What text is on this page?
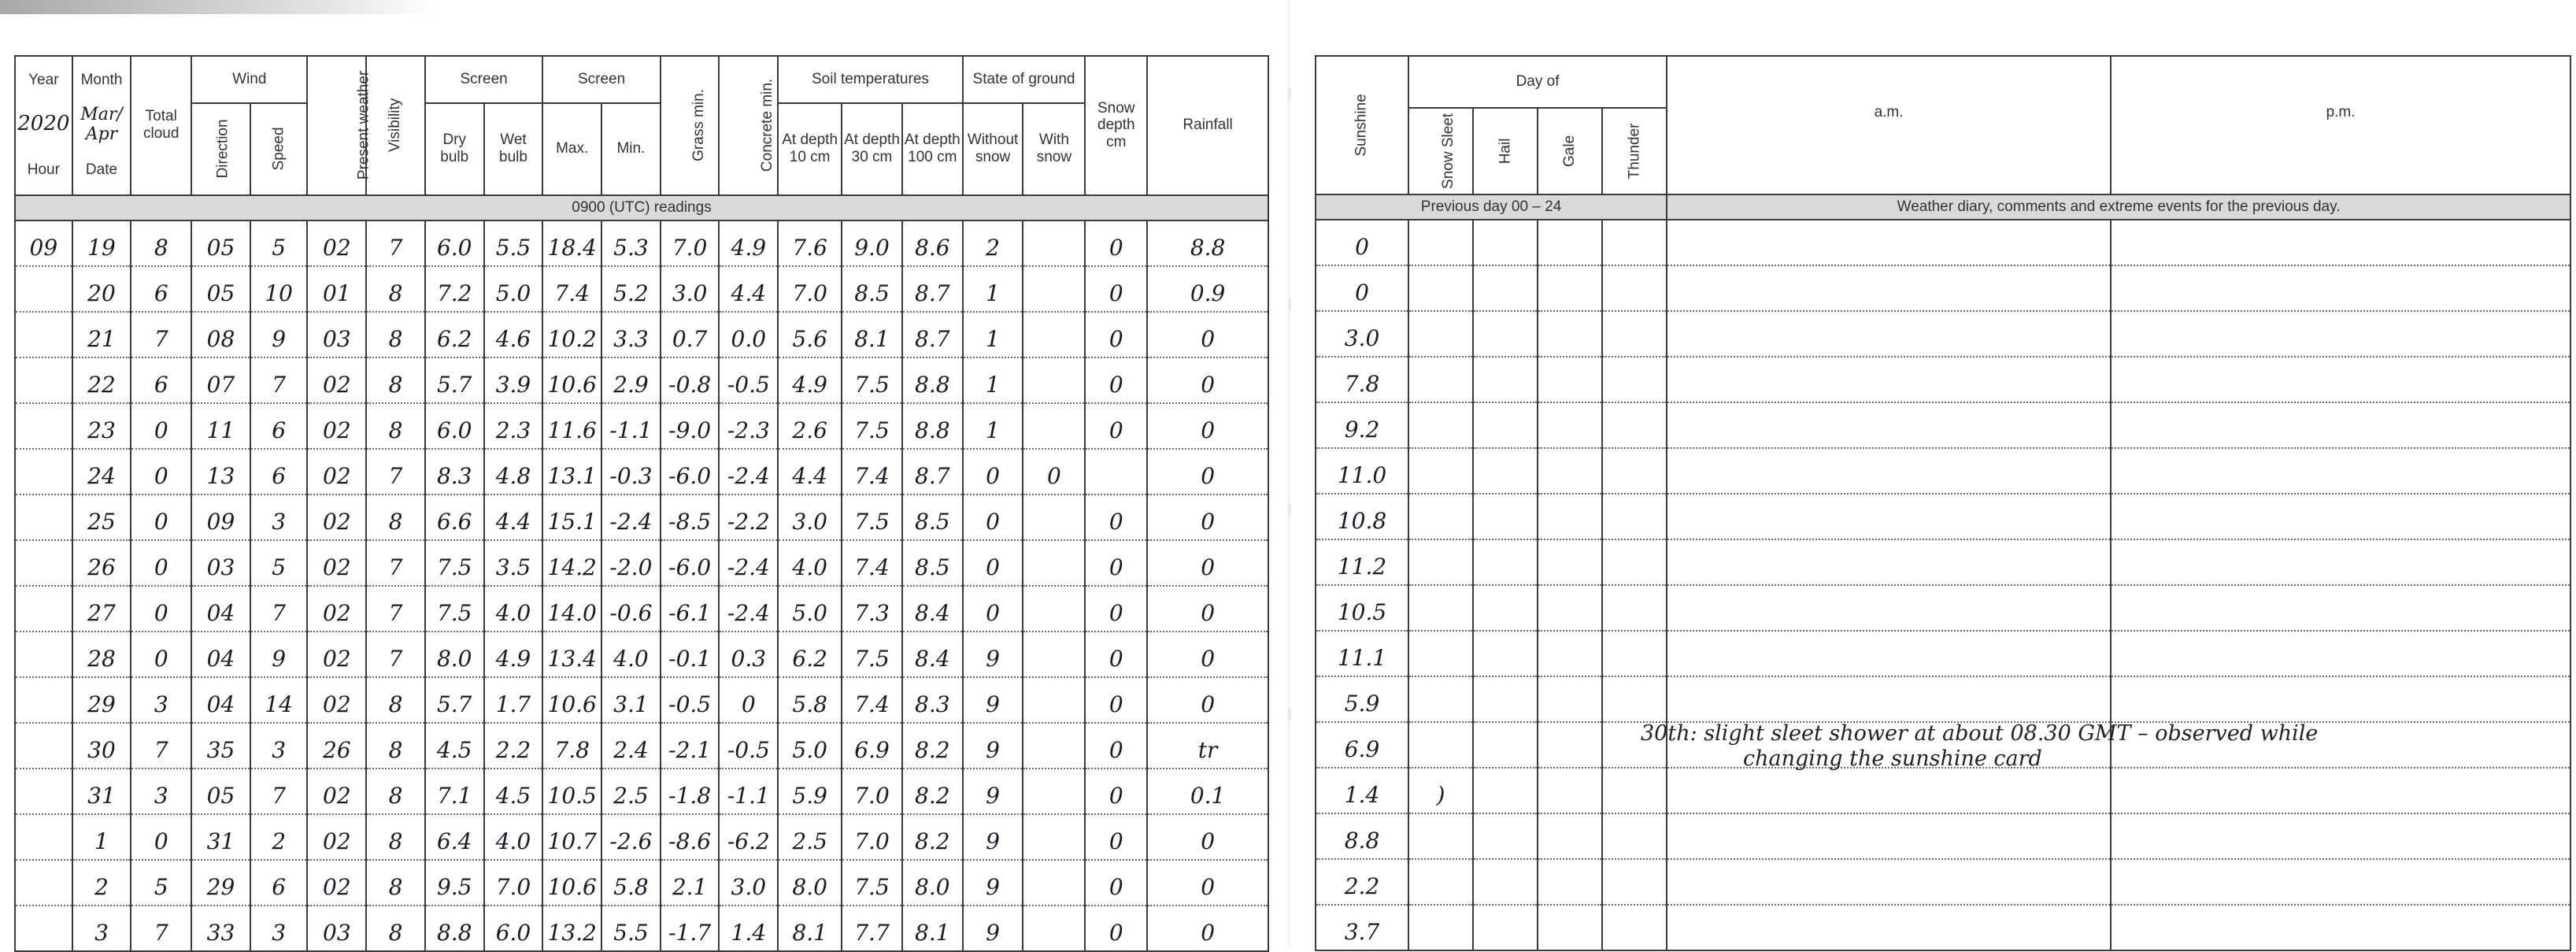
Year	Month	Total cloud	Wind		Present weather	Visibility	Screen		Screen		Grass min.	Concrete min.	Soil temperatures			State of ground		Snow depth cm	Rainfall
2020	Mar/ Apr		Direction	Speed			Dry bulb	Wet bulb	Max.	Min.			At depth 10 cm	At depth 30 cm	At depth 100 cm	Without snow	With snow		
Hour	Date																		
0900 (UTC) readings																			
09	19	8	05	5	02	7	6.0	5.5	18.4	5.3	7.0	4.9	7.6	9.0	8.6	2		0	8.8
	20	6	05	10	01	8	7.2	5.0	7.4	5.2	3.0	4.4	7.0	8.5	8.7	1		0	0.9
	21	7	08	9	03	8	6.2	4.6	10.2	3.3	0.7	0.0	5.6	8.1	8.7	1		0	0
	22	6	07	7	02	8	5.7	3.9	10.6	2.9	-0.8	-0.5	4.9	7.5	8.8	1		0	0
	23	0	11	6	02	8	6.0	2.3	11.6	-1.1	-9.0	-2.3	2.6	7.5	8.8	1		0	0
	24	0	13	6	02	7	8.3	4.8	13.1	-0.3	-6.0	-2.4	4.4	7.4	8.7	0	0		0
	25	0	09	3	02	8	6.6	4.4	15.1	-2.4	-8.5	-2.2	3.0	7.5	8.5	0		0	0
	26	0	03	5	02	7	7.5	3.5	14.2	-2.0	-6.0	-2.4	4.0	7.4	8.5	0		0	0
	27	0	04	7	02	7	7.5	4.0	14.0	-0.6	-6.1	-2.4	5.0	7.3	8.4	0		0	0
	28	0	04	9	02	7	8.0	4.9	13.4	4.0	-0.1	0.3	6.2	7.5	8.4	9		0	0
	29	3	04	14	02	8	5.7	1.7	10.6	3.1	-0.5	0	5.8	7.4	8.3	9		0	0
	30	7	35	3	26	8	4.5	2.2	7.8	2.4	-2.1	-0.5	5.0	6.9	8.2	9		0	tr
	31	3	05	7	02	8	7.1	4.5	10.5	2.5	-1.8	-1.1	5.9	7.0	8.2	9		0	0.1
	1	0	31	2	02	8	6.4	4.0	10.7	-2.6	-8.6	-6.2	2.5	7.0	8.2	9		0	0
	2	5	29	6	02	8	9.5	7.0	10.6	5.8	2.1	3.0	8.0	7.5	8.0	9		0	0
	3	7	33	3	03	8	8.8	6.0	13.2	5.5	-1.7	1.4	8.1	7.7	8.1	9		0	0
Sunshine	Day of				a.m.	p.m.
	Snow Sleet	Hail	Gale	Thunder		
Previous day 00 – 24					Weather diary, comments and extreme events for the previous day.	
0						
0						
3.0						
7.8						
9.2						
11.0						
10.8						
11.2						
10.5						
11.1						
5.9						
6.9						
1.4	)					
8.8						
2.2						
3.7						
30th: slight sleet shower at about 08.30 GMT – observed while
changing the sunshine card
